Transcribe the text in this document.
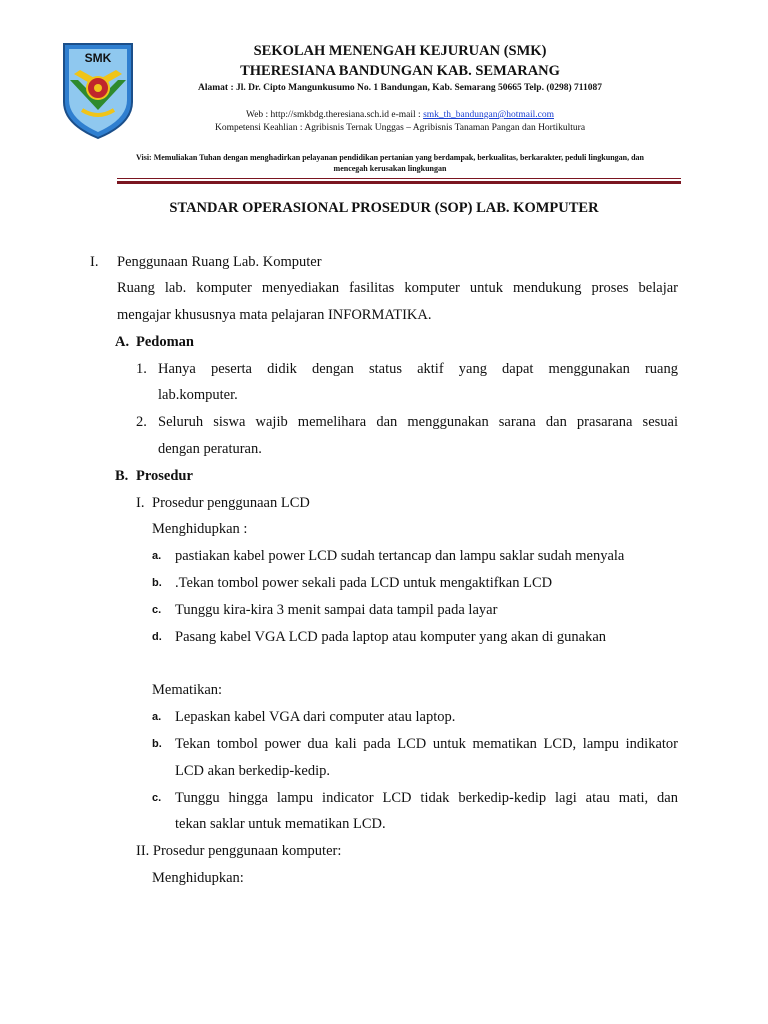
SMK	SEKOLAH MENENGAH KEJURUAN (SMK)
THERESIANA BANDUNGAN KAB. SEMARANG
Alamat : Jl. Dr. Cipto Mangunkusumo No. 1 Bandungan, Kab. Semarang 50665 Telp. (0298) 711087
Web : http://smkbdg.theresiana.sch.id e-mail : smk_th_bandungan@hotmail.com
Kompetensi Keahlian : Agribisnis Ternak Unggas – Agribisnis Tanaman Pangan dan Hortikultura
Visi: Memuliakan Tuhan dengan menghadirkan pelayanan pendidikan pertanian yang berdampak, berkualitas, berkarakter, peduli lingkungan, dan
mencegah kerusakan lingkungan
STANDAR OPERASIONAL PROSEDUR (SOP) LAB. KOMPUTER
I. Penggunaan Ruang Lab. Komputer
Ruang lab. komputer menyediakan fasilitas komputer untuk mendukung proses belajar
mengajar khususnya mata pelajaran INFORMATIKA.
A. Pedoman
1. Hanya peserta didik dengan status aktif yang dapat menggunakan ruang
lab.komputer.
2. Seluruh siswa wajib memelihara dan menggunakan sarana dan prasarana sesuai
dengan peraturan.
B. Prosedur
I. Prosedur penggunaan LCD
Menghidupkan :
a. pastiakan kabel power LCD sudah tertancap dan lampu saklar sudah menyala
b. .Tekan tombol power sekali pada LCD untuk mengaktifkan LCD
c. Tunggu kira-kira 3 menit sampai data tampil pada layar
d. Pasang kabel VGA LCD pada laptop atau komputer yang akan di gunakan
Mematikan:
a. Lepaskan kabel VGA dari computer atau laptop.
b. Tekan tombol power dua kali pada LCD untuk mematikan LCD, lampu indikator
LCD akan berkedip-kedip.
c. Tunggu hingga lampu indicator LCD tidak berkedip-kedip lagi atau mati, dan
tekan saklar untuk mematikan LCD.
II. Prosedur penggunaan komputer:
Menghidupkan:
